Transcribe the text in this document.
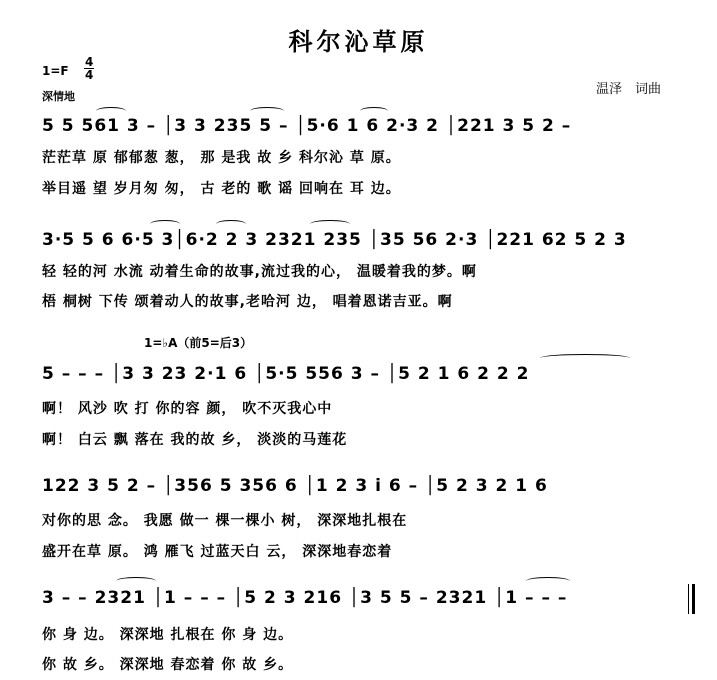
科尔沁草原
1=F
4
4
深情地	温泽　词曲
5 5 561 3 – │3 3 235 5 – │5·6 1 6 2·3 2 │221 3 5 2 –
茫茫草 原 郁郁葱 葱， 那 是我 故 乡 科尔沁 草 原。
举目遥 望 岁月匆 匆， 古 老的 歌 谣 回响在 耳 边。
3·5 5 6 6·5 3│6·2 2 3 2321 235 │35 56 2·3 │221 62 5 2 3
轻 轻的河 水流 动着生命的故事,流过我的心， 温暖着我的梦。啊
梧 桐树 下传 颂着动人的故事,老哈河 边， 唱着恩诺吉亚。啊
1=♭A（前5=后3）
5 – – – │3 3 23 2·1 6 │5·5 556 3 – │5 2 1 6 2 2 2
啊！ 风沙 吹 打 你的容 颜， 吹不灭我心中
啊！ 白云 飘 落在 我的故 乡， 淡淡的马莲花
122 3 5 2 – │356 5 356 6 │1 2 3 i 6 – │5 2 3 2 1 6
对你的思 念。 我愿 做一 棵一棵小 树， 深深地扎根在
盛开在草 原。 鸿 雁飞 过蓝天白 云， 深深地春恋着
3 – – 2321 │1 – – – │5 2 3 216 │3 5 5 – 2321 │1 – – –
你 身 边。 深深地 扎根在 你 身 边。
你 故 乡。 深深地 春恋着 你 故 乡。
